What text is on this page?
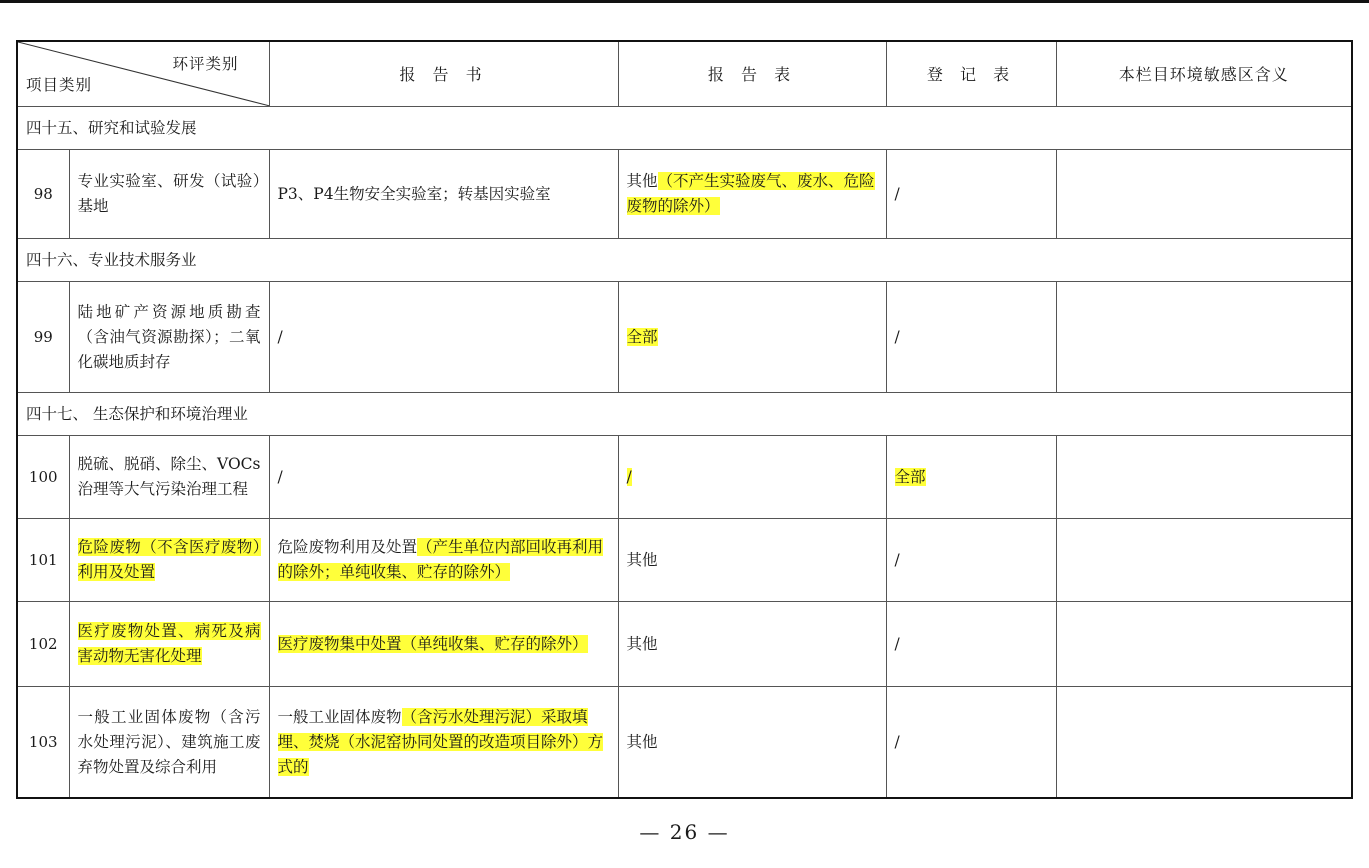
环评类别
项目类别		报 告 书	报 告 表	登 记 表	本栏目环境敏感区含义
四十五、研究和试验发展					
98	专业实验室、研发（试验）基地	P3、P4生物安全实验室；转基因实验室	其他（不产生实验废气、废水、危险废物的除外）	/	
四十六、专业技术服务业					
99	陆地矿产资源地质勘查（含油气资源勘探）；二氧化碳地质封存	/	全部	/	
四十七、 生态保护和环境治理业					
100	脱硫、脱硝、除尘、VOCs治理等大气污染治理工程	/	/	全部	
101	危险废物（不含医疗废物）利用及处置	危险废物利用及处置（产生单位内部回收再利用的除外；单纯收集、贮存的除外）	其他	/	
102	医疗废物处置、病死及病害动物无害化处理	医疗废物集中处置（单纯收集、贮存的除外）	其他	/	
103	一般工业固体废物（含污水处理污泥）、建筑施工废弃物处置及综合利用	一般工业固体废物（含污水处理污泥）采取填埋、焚烧（水泥窑协同处置的改造项目除外）方式的	其他	/	
— 26 —
